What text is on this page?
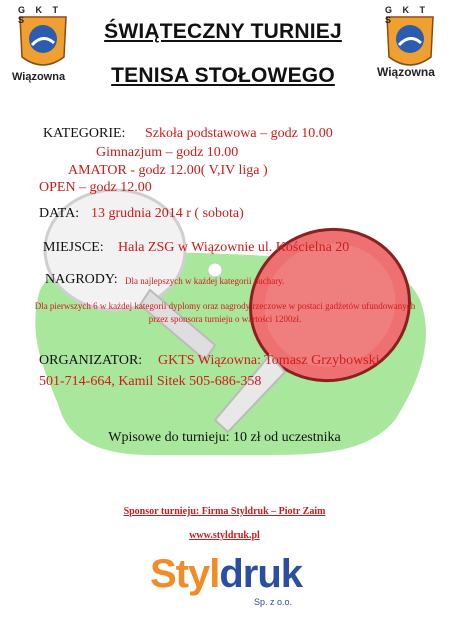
G K T S
Wiązowna
G K T S
Wiązowna
ŚWIĄTECZNY TURNIEJ
TENISA STOŁOWEGO
KATEGORIE: Szkoła podstawowa – godz 10.00
Gimnazjum – godz 10.00
AMATOR - godz 12.00( V,IV liga )
OPEN – godz 12.00
DATA: 13 grudnia 2014 r ( sobota)
MIEJSCE: Hala ZSG w Wiązownie ul. Kościelna 20
NAGRODY: Dla najlepszych w każdej kategorii puchary.
Dla pierwszych 6 w każdej kategorii dyplomy oraz nagrody rzeczowe w postaci gadżetów ufundowanych przez sponsora turnieju o wartości 1200zł.
ORGANIZATOR: GKTS Wiązowna: Tomasz Grzybowski
501-714-664, Kamil Sitek 505-686-358
Wpisowe do turnieju: 10 zł od uczestnika
Sponsor turnieju: Firma Styldruk – Piotr Zaim
www.styldruk.pl
Styldruk
Sp. z o.o.
